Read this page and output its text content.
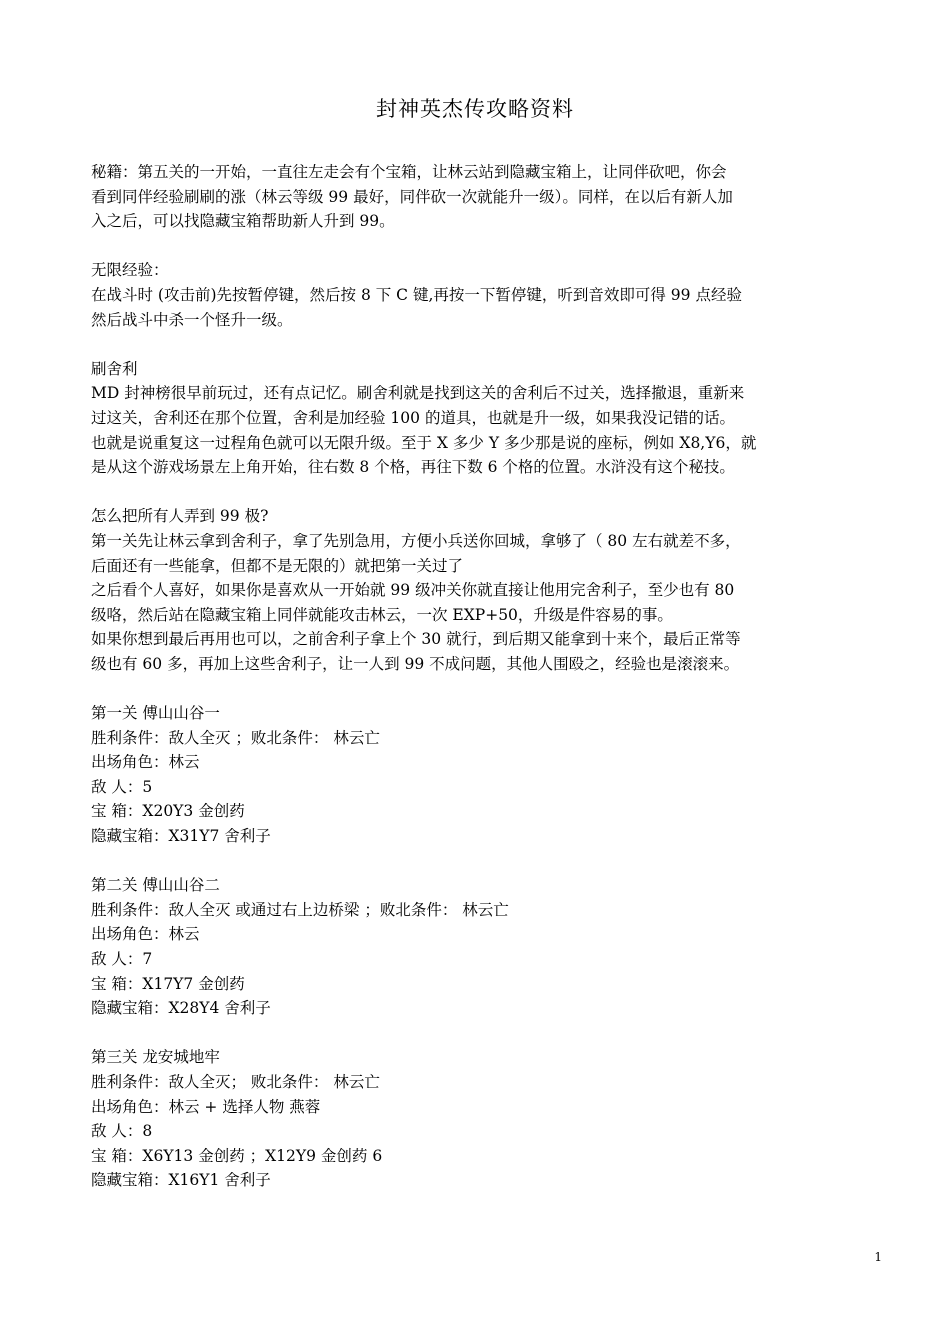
封神英杰传攻略资料
秘籍：第五关的一开始，一直往左走会有个宝箱，让林云站到隐藏宝箱上，让同伴砍吧，你会
看到同伴经验刷刷的涨（林云等级 99 最好，同伴砍一次就能升一级）。同样，在以后有新人加
入之后，可以找隐藏宝箱帮助新人升到 99。
无限经验：
在战斗时 (攻击前)先按暂停键，然后按 8 下 C 键,再按一下暂停键，听到音效即可得 99 点经验
然后战斗中杀一个怪升一级。
刷舍利
MD 封神榜很早前玩过，还有点记忆。刷舍利就是找到这关的舍利后不过关，选择撤退，重新来
过这关，舍利还在那个位置，舍利是加经验 100 的道具，也就是升一级，如果我没记错的话。
也就是说重复这一过程角色就可以无限升级。至于 X 多少 Y 多少那是说的座标，例如 X8,Y6，就
是从这个游戏场景左上角开始，往右数 8 个格，再往下数 6 个格的位置。水浒没有这个秘技。
怎么把所有人弄到 99 极?
第一关先让林云拿到舍利子，拿了先别急用，方便小兵送你回城，拿够了（ 80 左右就差不多，
后面还有一些能拿，但都不是无限的）就把第一关过了
之后看个人喜好，如果你是喜欢从一开始就 99 级冲关你就直接让他用完舍利子，至少也有 80
级咯，然后站在隐藏宝箱上同伴就能攻击林云，一次 EXP+50，升级是件容易的事。
如果你想到最后再用也可以，之前舍利子拿上个 30 就行，到后期又能拿到十来个，最后正常等
级也有 60 多，再加上这些舍利子，让一人到 99 不成问题，其他人围殴之，经验也是滚滚来。
第一关 傅山山谷一
胜利条件：敌人全灭 ；败北条件： 林云亡
出场角色：林云
敌 人：5
宝 箱：X20Y3 金创药
隐藏宝箱：X31Y7 舍利子
第二关 傅山山谷二
胜利条件：敌人全灭 或通过右上边桥梁 ；败北条件： 林云亡
出场角色：林云
敌 人：7
宝 箱：X17Y7 金创药
隐藏宝箱：X28Y4 舍利子
第三关 龙安城地牢
胜利条件：敌人全灭； 败北条件： 林云亡
出场角色：林云 + 选择人物 燕蓉
敌 人：8
宝 箱：X6Y13 金创药 ；X12Y9 金创药 6
隐藏宝箱：X16Y1 舍利子
1
